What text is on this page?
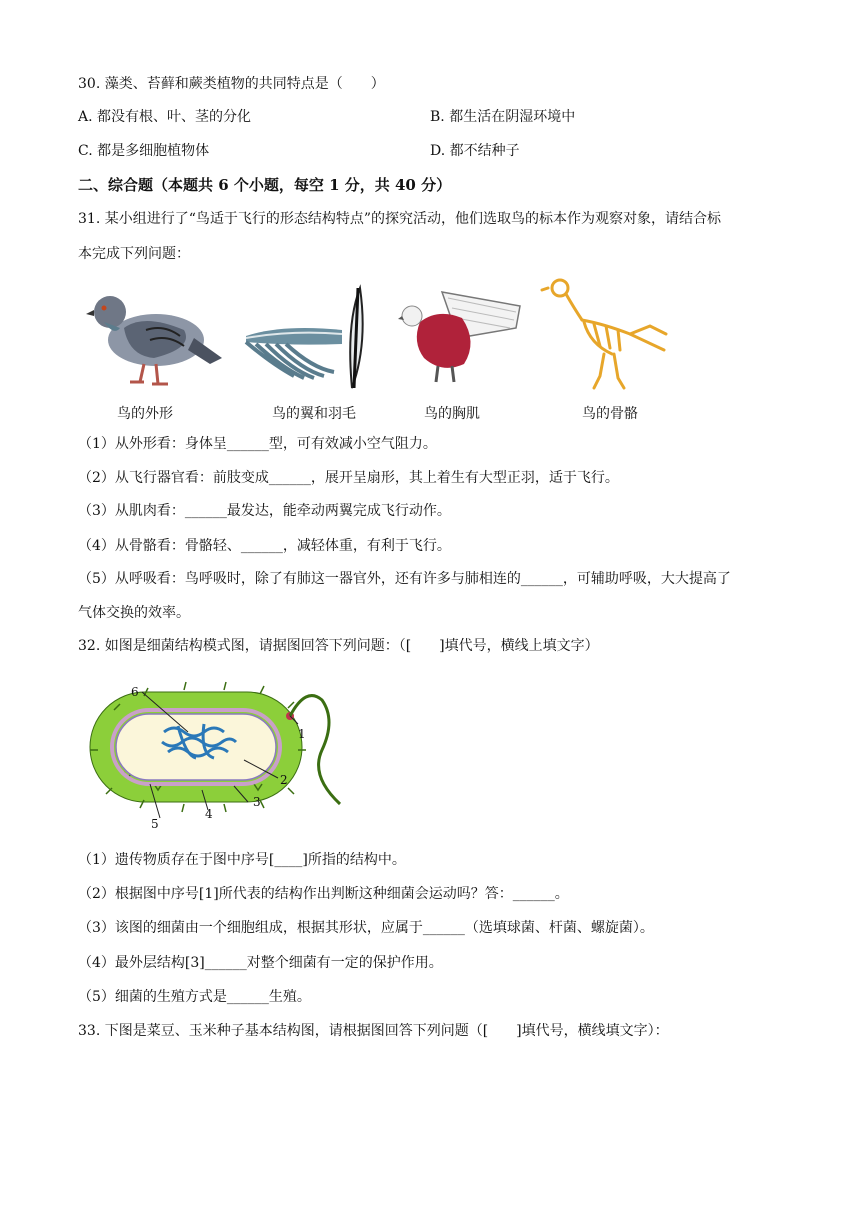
30. 藻类、苔藓和蕨类植物的共同特点是（　　）
A. 都没有根、叶、茎的分化	B. 都生活在阴湿环境中
C. 都是多细胞植物体	D. 都不结种子
二、综合题（本题共 6 个小题，每空 1 分，共 40 分）
31. 某小组进行了“鸟适于飞行的形态结构特点”的探究活动，他们选取鸟的标本作为观察对象，请结合标
本完成下列问题：
鸟的外形	鸟的翼和羽毛	鸟的胸肌	鸟的骨骼
（1）从外形看：身体呈______型，可有效减小空气阻力。
（2）从飞行器官看：前肢变成______，展开呈扇形，其上着生有大型正羽，适于飞行。
（3）从肌肉看：______最发达，能牵动两翼完成飞行动作。
（4）从骨骼看：骨骼轻、______，减轻体重，有利于飞行。
（5）从呼吸看：鸟呼吸时，除了有肺这一器官外，还有许多与肺相连的______，可辅助呼吸，大大提高了
气体交换的效率。
32. 如图是细菌结构模式图，请据图回答下列问题：（[　　]填代号，横线上填文字）
6
1
2
3
4
5
（1）遗传物质存在于图中序号[____]所指的结构中。
（2）根据图中序号[1]所代表的结构作出判断这种细菌会运动吗？答：______。
（3）该图的细菌由一个细胞组成，根据其形状，应属于______（选填球菌、杆菌、螺旋菌）。
（4）最外层结构[3]______对整个细菌有一定的保护作用。
（5）细菌的生殖方式是______生殖。
33. 下图是菜豆、玉米种子基本结构图，请根据图回答下列问题（[　　]填代号，横线填文字）：
